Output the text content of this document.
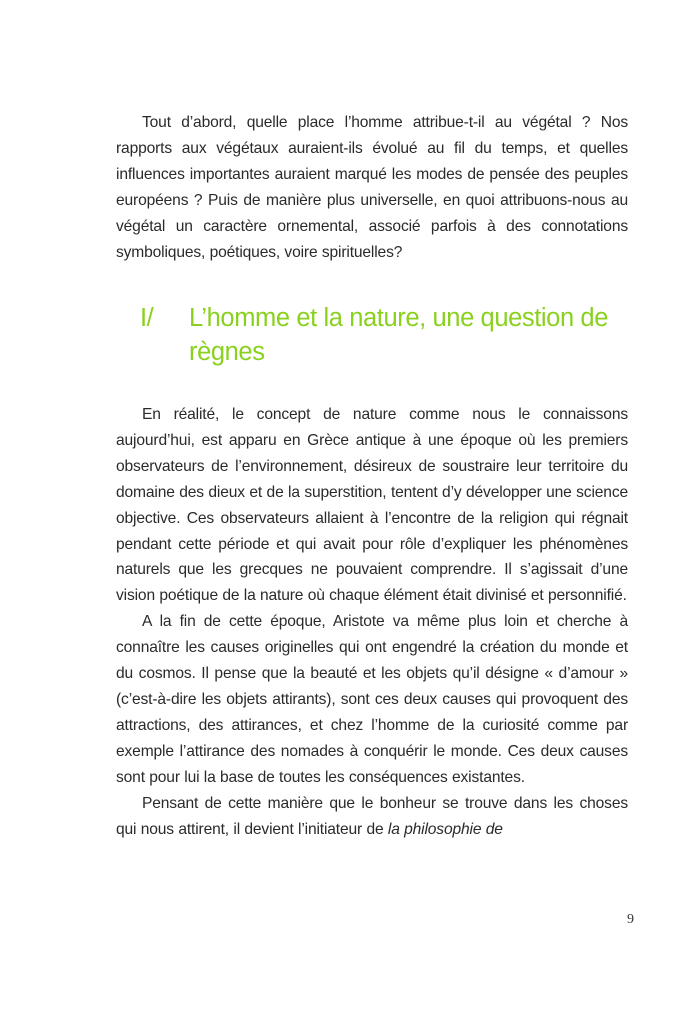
Tout d’abord, quelle place l’homme attribue-t-il au végétal ? Nos rapports aux végétaux auraient-ils évolué au fil du temps, et quelles influences importantes auraient marqué les modes de pensée des peuples européens ? Puis de manière plus universelle, en quoi attribuons-nous au végétal un caractère ornemental, associé parfois à des connotations symboliques, poétiques, voire spirituelles?

I/ L’homme et la nature, une question de règnes

En réalité, le concept de nature comme nous le connaissons aujourd’hui, est apparu en Grèce antique à une époque où les premiers observateurs de l’environnement, désireux de soustraire leur territoire du domaine des dieux et de la superstition, tentent d’y développer une science objective. Ces observateurs allaient à l’encontre de la religion qui régnait pendant cette période et qui avait pour rôle d’expliquer les phénomènes naturels que les grecques ne pouvaient comprendre. Il s’agissait d’une vision poétique de la nature où chaque élément était divinisé et personnifié.

A la fin de cette époque, Aristote va même plus loin et cherche à connaître les causes originelles qui ont engendré la création du monde et du cosmos. Il pense que la beauté et les objets qu’il désigne « d’amour » (c’est-à-dire les objets attirants), sont ces deux causes qui provoquent des attractions, des attirances, et chez l’homme de la curiosité comme par exemple l’attirance des nomades à conquérir le monde. Ces deux causes sont pour lui la base de toutes les conséquences existantes.

Pensant de cette manière que le bonheur se trouve dans les choses qui nous attirent, il devient l’initiateur de la philosophie de

9
